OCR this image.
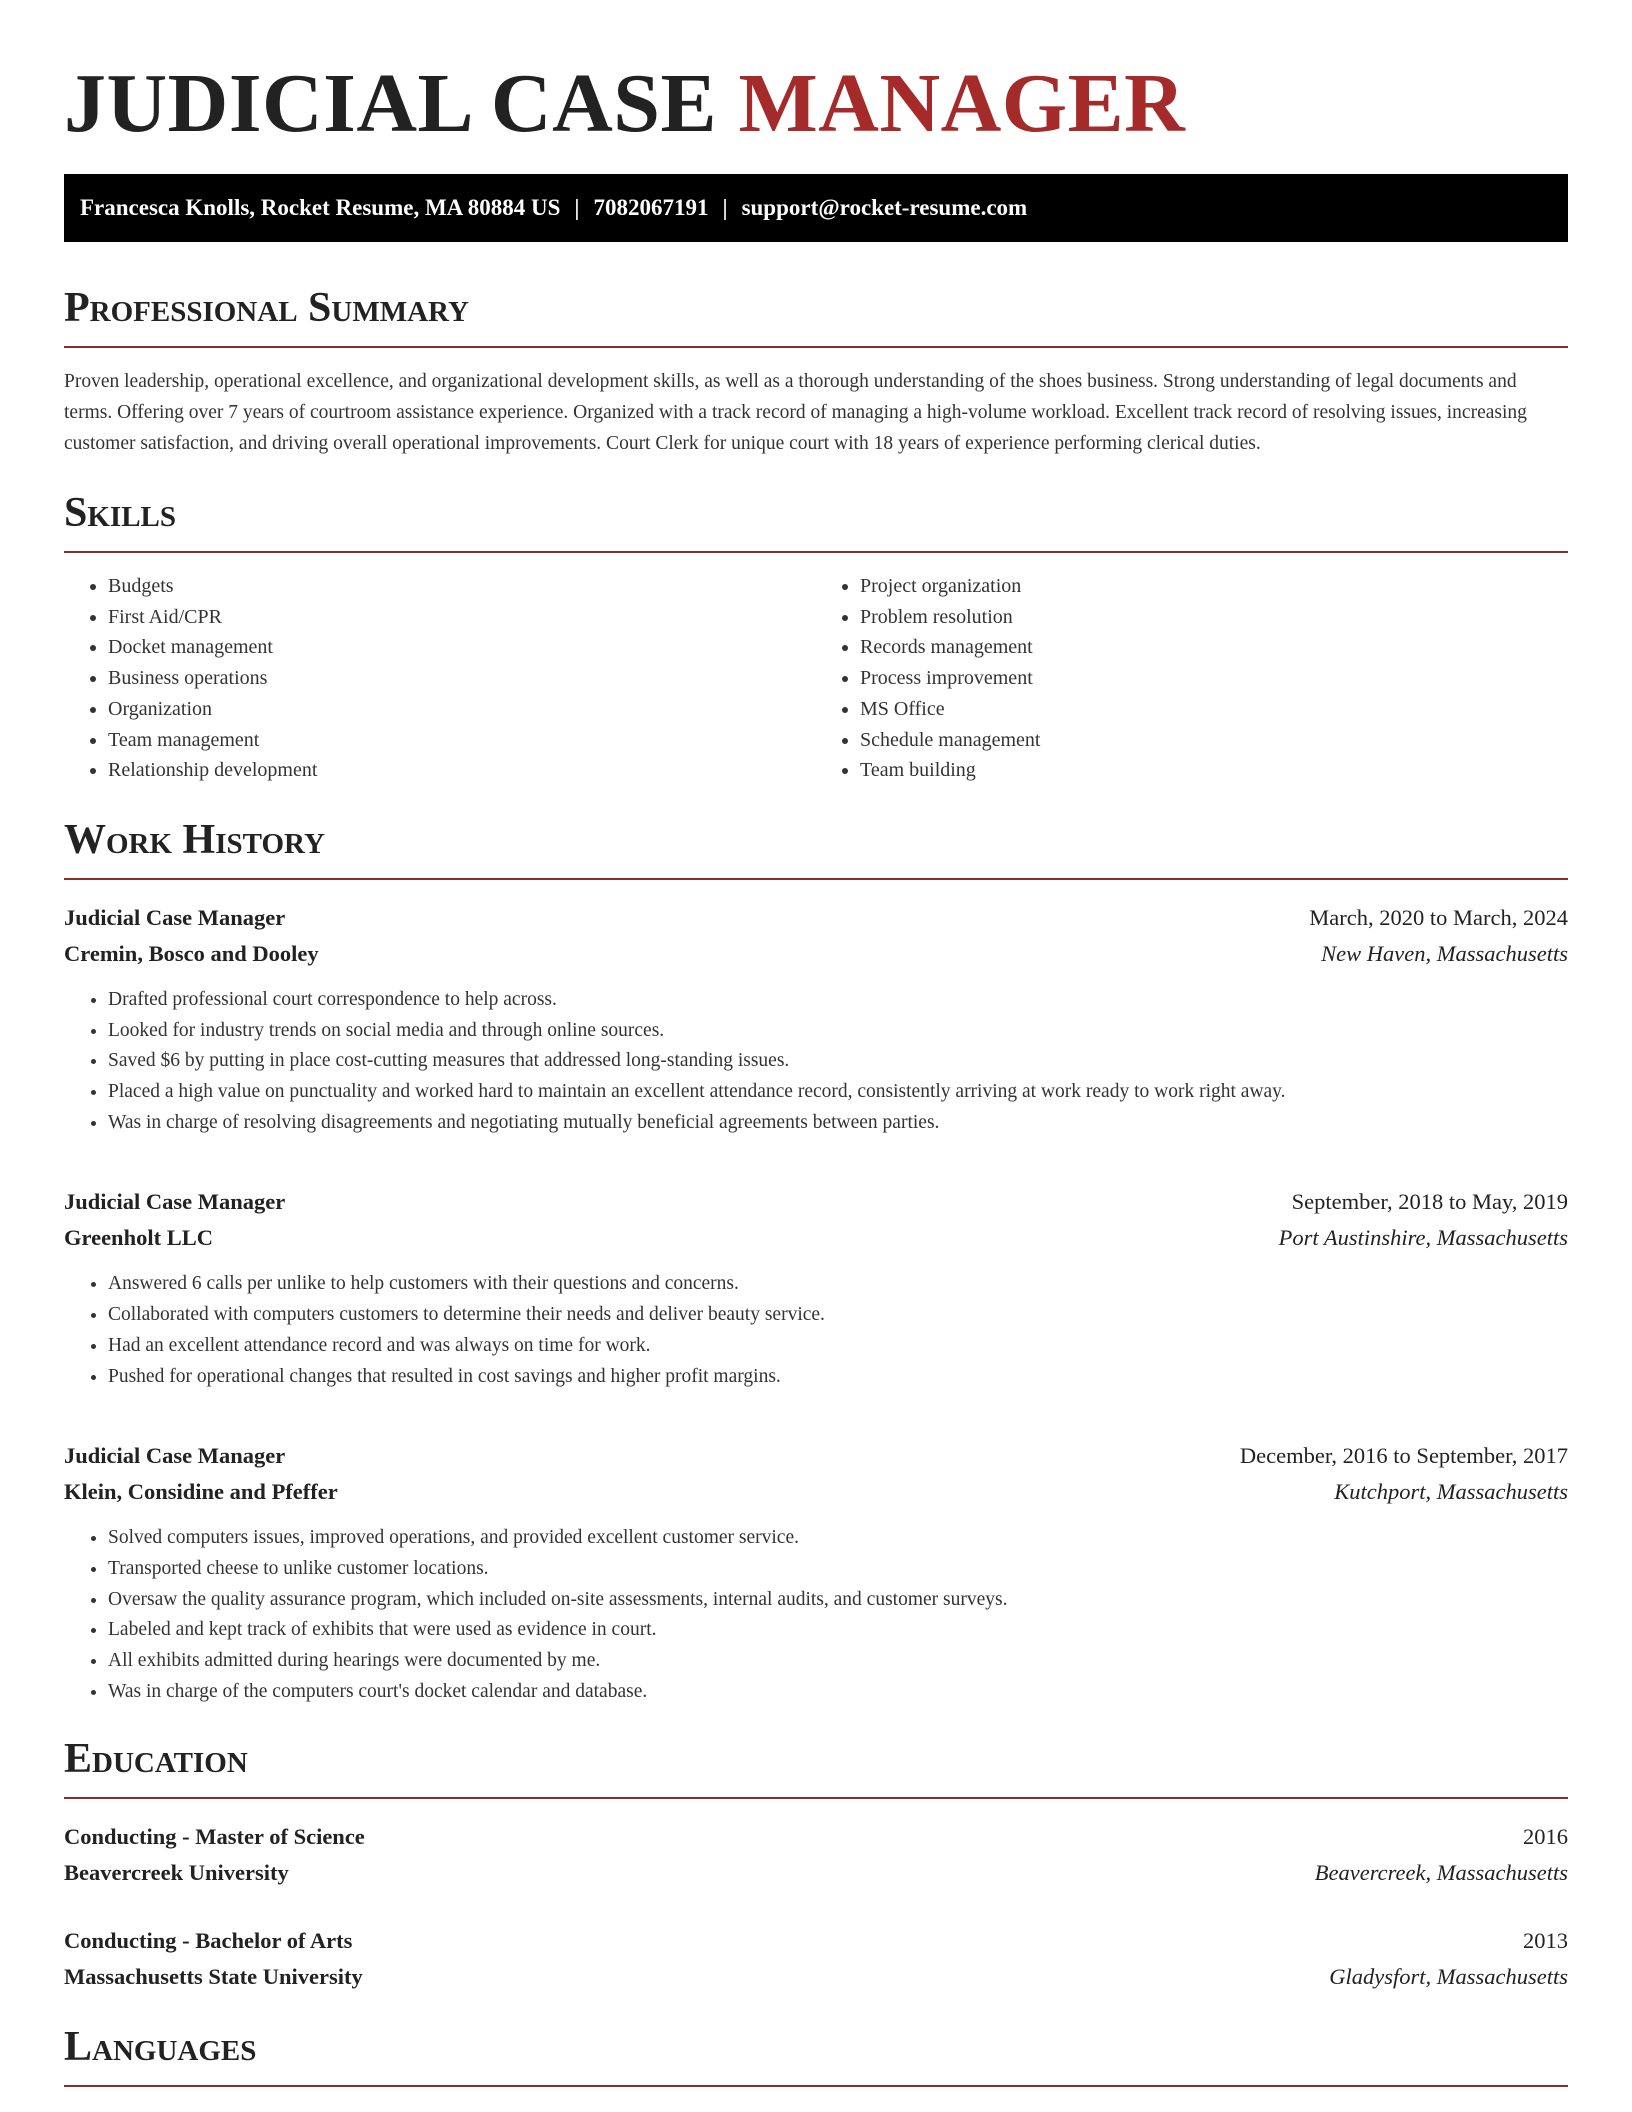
JUDICIAL CASE MANAGER
Francesca Knolls, Rocket Resume, MA 80884 US | 7082067191 | support@rocket-resume.com
Professional Summary

Proven leadership, operational excellence, and organizational development skills, as well as a thorough understanding of the shoes business. Strong understanding of legal documents and terms. Offering over 7 years of courtroom assistance experience. Organized with a track record of managing a high-volume workload. Excellent track record of resolving issues, increasing customer satisfaction, and driving overall operational improvements. Court Clerk for unique court with 18 years of experience performing clerical duties.

Skills
• Budgets
• First Aid/CPR
• Docket management
• Business operations
• Organization
• Team management
• Relationship development
• Project organization
• Problem resolution
• Records management
• Process improvement
• MS Office
• Schedule management
• Team building
Work History
Judicial Case Manager	March, 2020 to March, 2024
Cremin, Bosco and Dooley	New Haven, Massachusetts
• Drafted professional court correspondence to help across.
• Looked for industry trends on social media and through online sources.
• Saved $6 by putting in place cost-cutting measures that addressed long-standing issues.
• Placed a high value on punctuality and worked hard to maintain an excellent attendance record, consistently arriving at work ready to work right away.
• Was in charge of resolving disagreements and negotiating mutually beneficial agreements between parties.
Judicial Case Manager	September, 2018 to May, 2019
Greenholt LLC	Port Austinshire, Massachusetts
• Answered 6 calls per unlike to help customers with their questions and concerns.
• Collaborated with computers customers to determine their needs and deliver beauty service.
• Had an excellent attendance record and was always on time for work.
• Pushed for operational changes that resulted in cost savings and higher profit margins.
Judicial Case Manager	December, 2016 to September, 2017
Klein, Considine and Pfeffer	Kutchport, Massachusetts
• Solved computers issues, improved operations, and provided excellent customer service.
• Transported cheese to unlike customer locations.
• Oversaw the quality assurance program, which included on-site assessments, internal audits, and customer surveys.
• Labeled and kept track of exhibits that were used as evidence in court.
• All exhibits admitted during hearings were documented by me.
• Was in charge of the computers court's docket calendar and database.
Education
Conducting - Master of Science	2016
Beavercreek University	Beavercreek, Massachusetts
Conducting - Bachelor of Arts	2013
Massachusetts State University	Gladysfort, Massachusetts
Languages
